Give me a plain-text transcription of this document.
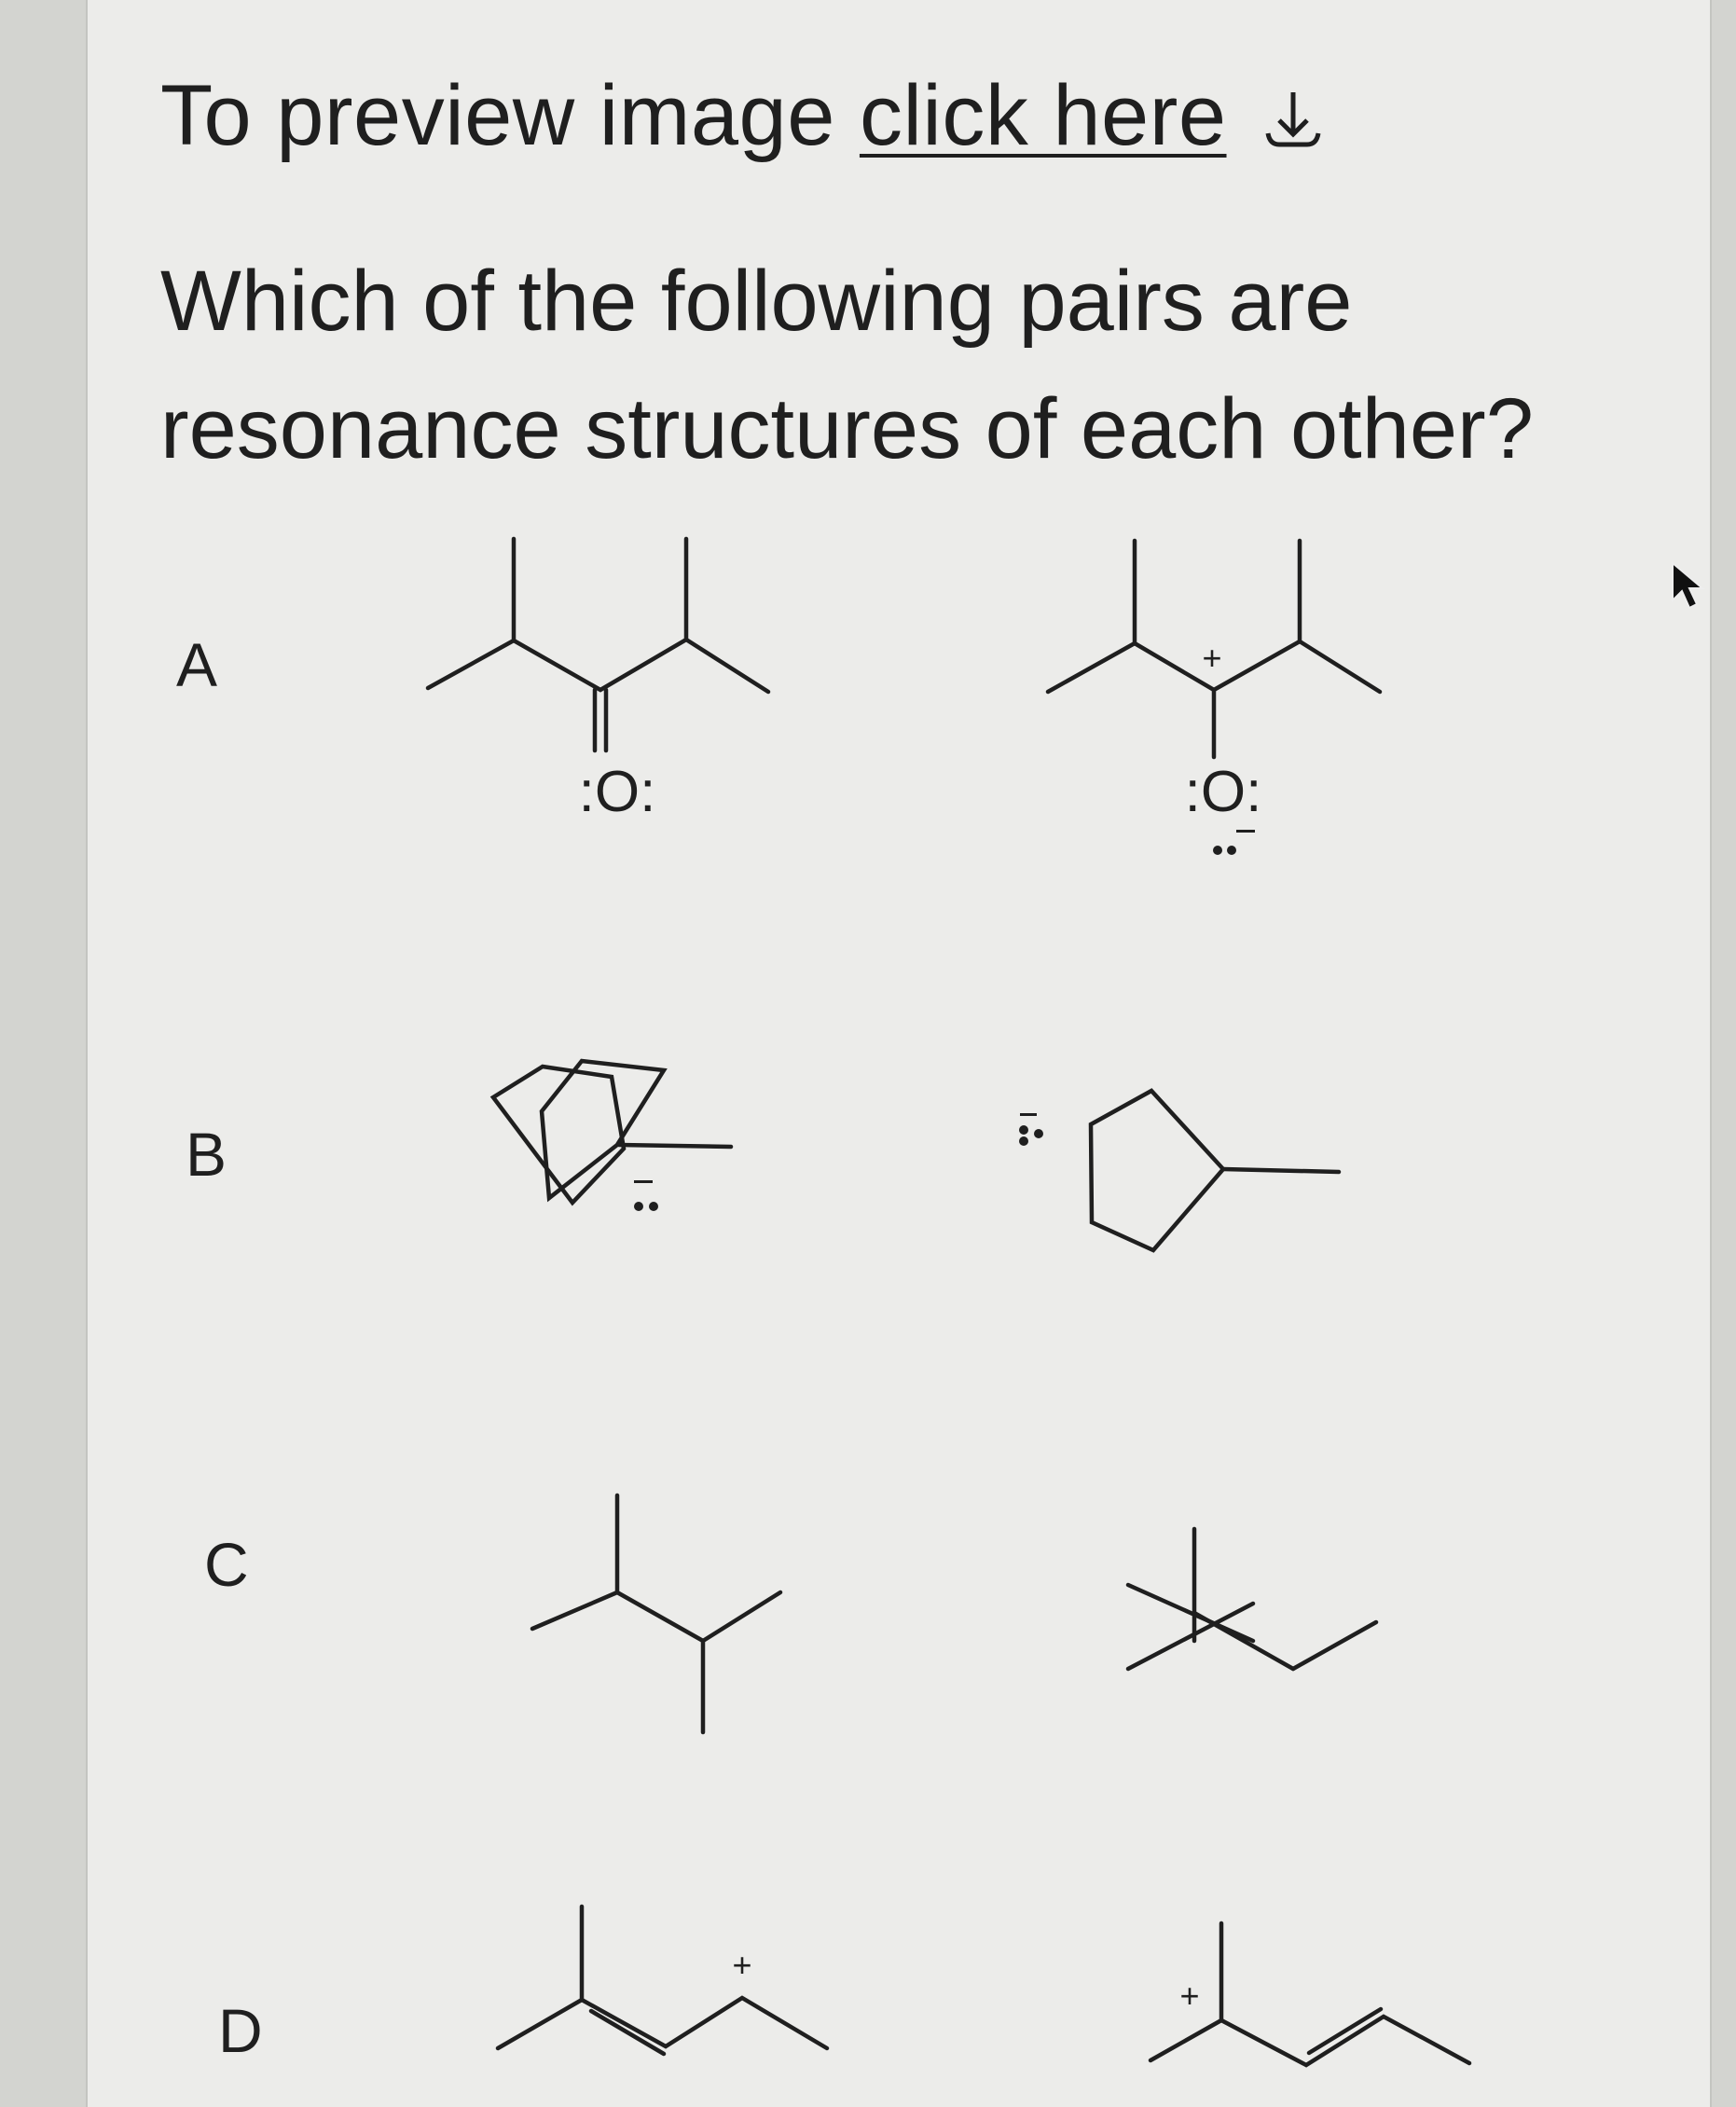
To preview image click here
Which of the following pairs are resonance structures of each other?
A
B
C
D
:O:	:O:
+
+
+
